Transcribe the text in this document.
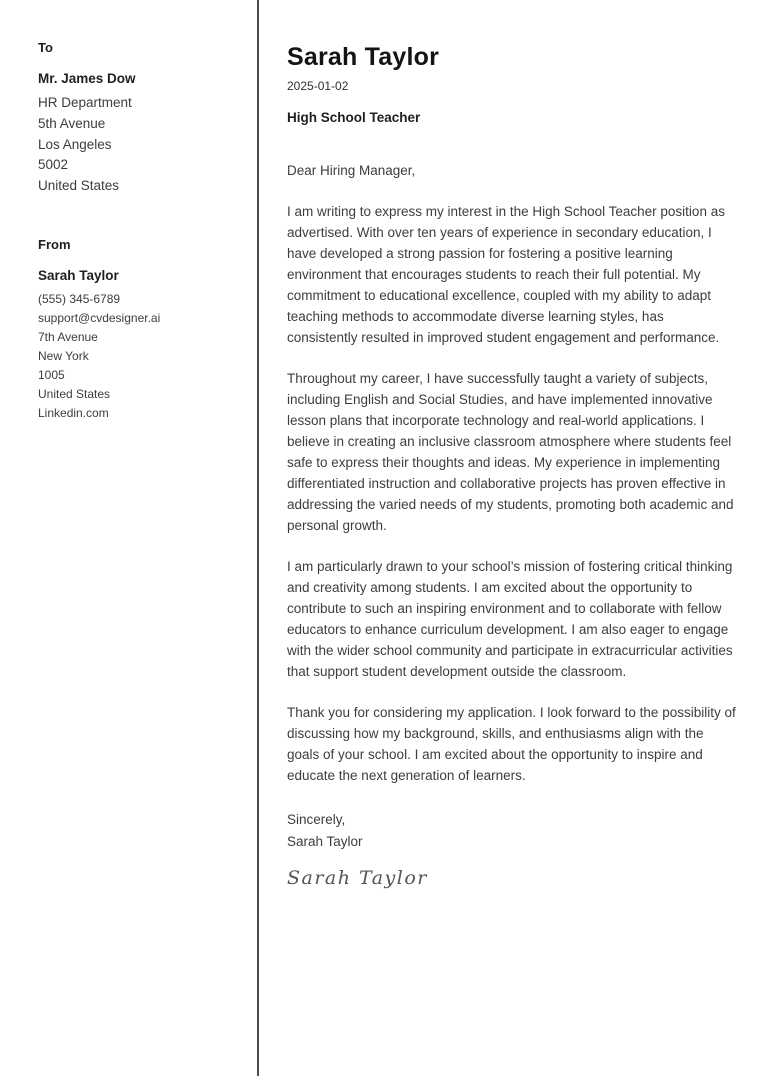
To
Mr. James Dow
HR Department
5th Avenue
Los Angeles
5002
United States
From
Sarah Taylor
(555) 345-6789
support@cvdesigner.ai
7th Avenue
New York
1005
United States
Linkedin.com
Sarah Taylor
2025-01-02
High School Teacher
Dear Hiring Manager,

I am writing to express my interest in the High School Teacher position as advertised. With over ten years of experience in secondary education, I have developed a strong passion for fostering a positive learning environment that encourages students to reach their full potential. My commitment to educational excellence, coupled with my ability to adapt teaching methods to accommodate diverse learning styles, has consistently resulted in improved student engagement and performance.

Throughout my career, I have successfully taught a variety of subjects, including English and Social Studies, and have implemented innovative lesson plans that incorporate technology and real-world applications. I believe in creating an inclusive classroom atmosphere where students feel safe to express their thoughts and ideas. My experience in implementing differentiated instruction and collaborative projects has proven effective in addressing the varied needs of my students, promoting both academic and personal growth.

I am particularly drawn to your school’s mission of fostering critical thinking and creativity among students. I am excited about the opportunity to contribute to such an inspiring environment and to collaborate with fellow educators to enhance curriculum development. I am also eager to engage with the wider school community and participate in extracurricular activities that support student development outside the classroom.

Thank you for considering my application. I look forward to the possibility of discussing how my background, skills, and enthusiasms align with the goals of your school. I am excited about the opportunity to inspire and educate the next generation of learners.

Sincerely,
Sarah Taylor
Sarah Taylor
